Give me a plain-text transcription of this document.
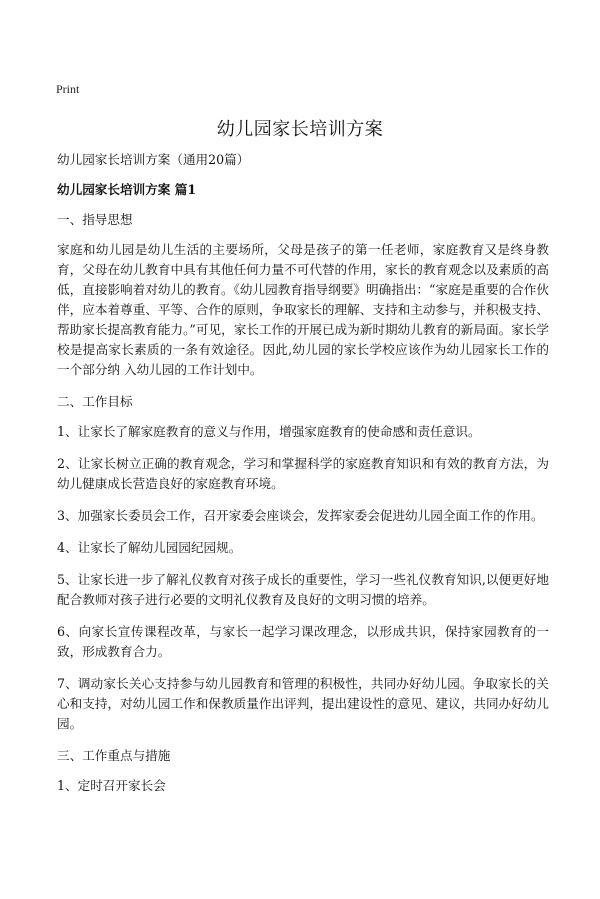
Print
幼儿园家长培训方案

幼儿园家长培训方案（通用20篇）

幼儿园家长培训方案 篇1

一、指导思想

家庭和幼儿园是幼儿生活的主要场所，父母是孩子的第一任老师，家庭教育又是终身教育，父母在幼儿教育中具有其他任何力量不可代替的作用，家长的教育观念以及素质的高低，直接影响着对幼儿的教育。《幼儿园教育指导纲要》明确指出：“家庭是重要的合作伙伴，应本着尊重、平等、合作的原则，争取家长的理解、支持和主动参与，并积极支持、帮助家长提高教育能力。”可见，家长工作的开展已成为新时期幼儿教育的新局面。家长学校是提高家长素质的一条有效途径。因此,幼儿园的家长学校应该作为幼儿园家长工作的一个部分纳 入幼儿园的工作计划中。

二、工作目标

1、让家长了解家庭教育的意义与作用，增强家庭教育的使命感和责任意识。

2、让家长树立正确的教育观念，学习和掌握科学的家庭教育知识和有效的教育方法，为幼儿健康成长营造良好的家庭教育环境。

3、加强家长委员会工作，召开家委会座谈会，发挥家委会促进幼儿园全面工作的作用。

4、让家长了解幼儿园园纪园规。

5、让家长进一步了解礼仪教育对孩子成长的重要性，学习一些礼仪教育知识,以便更好地配合教师对孩子进行必要的文明礼仪教育及良好的文明习惯的培养。

6、向家长宣传课程改革，与家长一起学习课改理念，以形成共识，保持家园教育的一致，形成教育合力。

7、调动家长关心支持参与幼儿园教育和管理的积极性，共同办好幼儿园。争取家长的关心和支持，对幼儿园工作和保教质量作出评判，提出建设性的意见、建议，共同办好幼儿园。

三、工作重点与措施

1、定时召开家长会
